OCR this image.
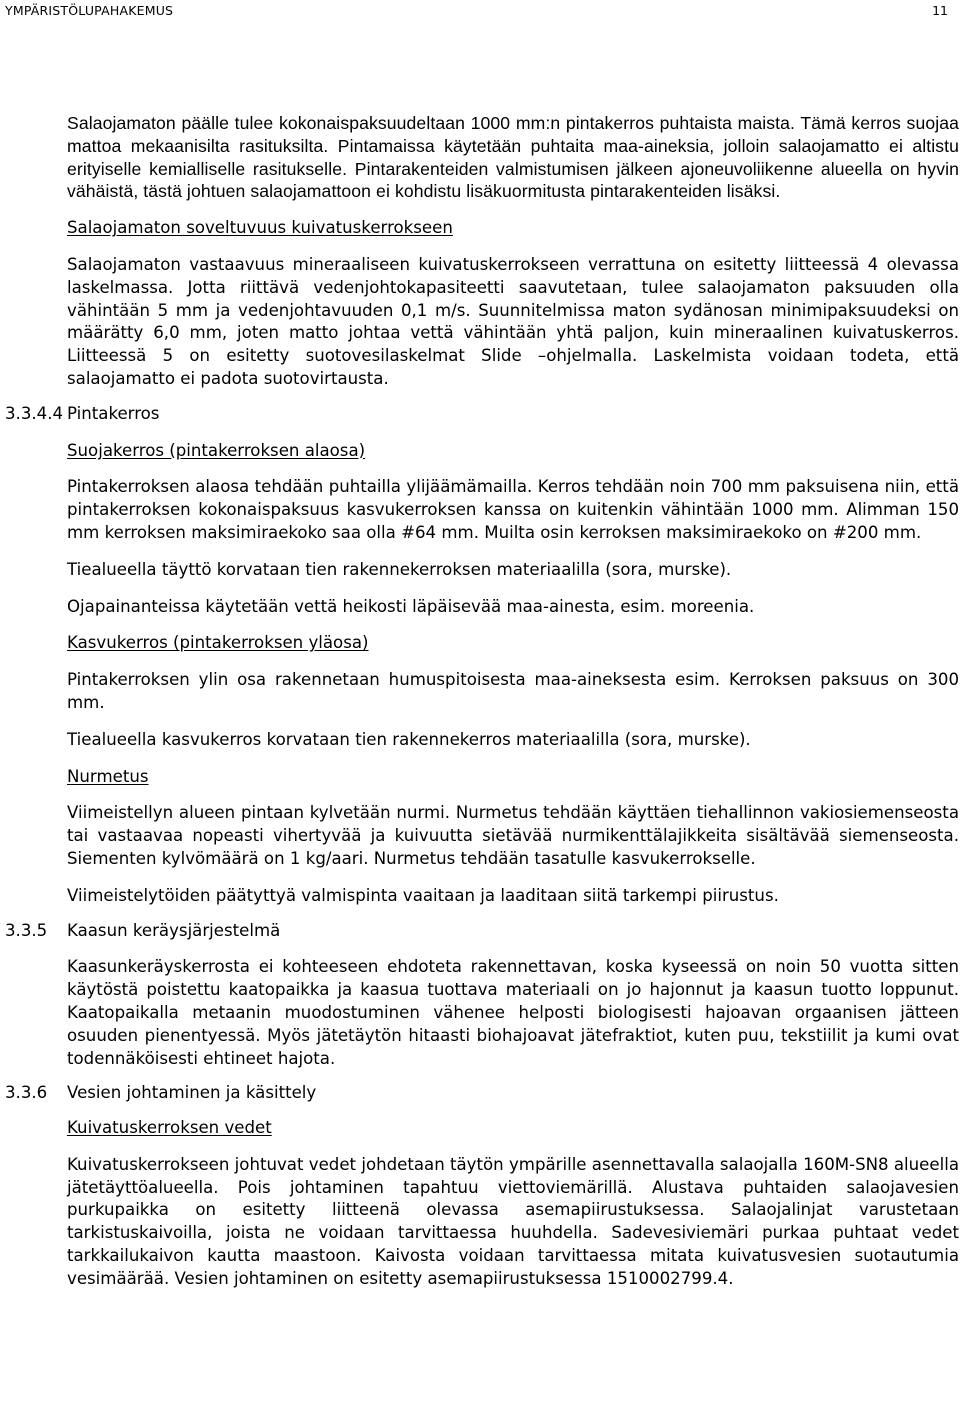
YMPÄRISTÖLUPAHAKEMUS	11

Salaojamaton päälle tulee kokonaispaksuudeltaan 1000 mm:n pintakerros puhtaista maista. Tämä kerros suojaa mattoa mekaanisilta rasituksilta. Pintamaissa käytetään puhtaita maa-aineksia, jolloin salaojamatto ei altistu erityiselle kemialliselle rasitukselle. Pintarakenteiden valmistumisen jälkeen ajoneuvoliikenne alueella on hyvin vähäistä, tästä johtuen salaojamattoon ei kohdistu lisäkuormitusta pintarakenteiden lisäksi.

Salaojamaton soveltuvuus kuivatuskerrokseen

Salaojamaton vastaavuus mineraaliseen kuivatuskerrokseen verrattuna on esitetty liitteessä 4 olevassa laskelmassa. Jotta riittävä vedenjohtokapasiteetti saavutetaan, tulee salaojamaton paksuuden olla vähintään 5 mm ja vedenjohtavuuden 0,1 m/s. Suunnitelmissa maton sydänosan minimipaksuudeksi on määrätty 6,0 mm, joten matto johtaa vettä vähintään yhtä paljon, kuin mineraalinen kuivatuskerros. Liitteessä 5 on esitetty suotovesilaskelmat Slide –ohjelmalla. Laskelmista voidaan todeta, että salaojamatto ei padota suotovirtausta.

3.3.4.4 Pintakerros

Suojakerros (pintakerroksen alaosa)

Pintakerroksen alaosa tehdään puhtailla ylijäämämailla. Kerros tehdään noin 700 mm paksuisena niin, että pintakerroksen kokonaispaksuus kasvukerroksen kanssa on kuitenkin vähintään 1000 mm. Alimman 150 mm kerroksen maksimiraekoko saa olla #64 mm. Muilta osin kerroksen maksimiraekoko on #200 mm.

Tiealueella täyttö korvataan tien rakennekerroksen materiaalilla (sora, murske).

Ojapainanteissa käytetään vettä heikosti läpäisevää maa-ainesta, esim. moreenia.

Kasvukerros (pintakerroksen yläosa)

Pintakerroksen ylin osa rakennetaan humuspitoisesta maa-aineksesta esim. Kerroksen paksuus on 300 mm.

Tiealueella kasvukerros korvataan tien rakennekerros materiaalilla (sora, murske).

Nurmetus

Viimeistellyn alueen pintaan kylvetään nurmi. Nurmetus tehdään käyttäen tiehallinnon vakiosiemenseosta tai vastaavaa nopeasti vihertyvää ja kuivuutta sietävää nurmikenttälajikkeita sisältävää siemenseosta. Siementen kylvömäärä on 1 kg/aari. Nurmetus tehdään tasatulle kasvukerrokselle.

Viimeistelytöiden päätyttyä valmispinta vaaitaan ja laaditaan siitä tarkempi piirustus.

3.3.5 Kaasun keräysjärjestelmä

Kaasunkeräyskerrosta ei kohteeseen ehdoteta rakennettavan, koska kyseessä on noin 50 vuotta sitten käytöstä poistettu kaatopaikka ja kaasua tuottava materiaali on jo hajonnut ja kaasun tuotto loppunut. Kaatopaikalla metaanin muodostuminen vähenee helposti biologisesti hajoavan orgaanisen jätteen osuuden pienentyessä. Myös jätetäytön hitaasti biohajoavat jätefraktiot, kuten puu, tekstiilit ja kumi ovat todennäköisesti ehtineet hajota.

3.3.6 Vesien johtaminen ja käsittely

Kuivatuskerroksen vedet

Kuivatuskerrokseen johtuvat vedet johdetaan täytön ympärille asennettavalla salaojalla 160M-SN8 alueella jätetäyttöalueella. Pois johtaminen tapahtuu viettoviemärillä. Alustava puhtaiden salaojavesien purkupaikka on esitetty liitteenä olevassa asemapiirustuksessa. Salaojalinjat varustetaan tarkistuskaivoilla, joista ne voidaan tarvittaessa huuhdella. Sadevesiviemäri purkaa puhtaat vedet tarkkailukaivon kautta maastoon. Kaivosta voidaan tarvittaessa mitata kuivatusvesien suotautumia vesimäärää. Vesien johtaminen on esitetty asemapiirustuksessa 1510002799.4.
